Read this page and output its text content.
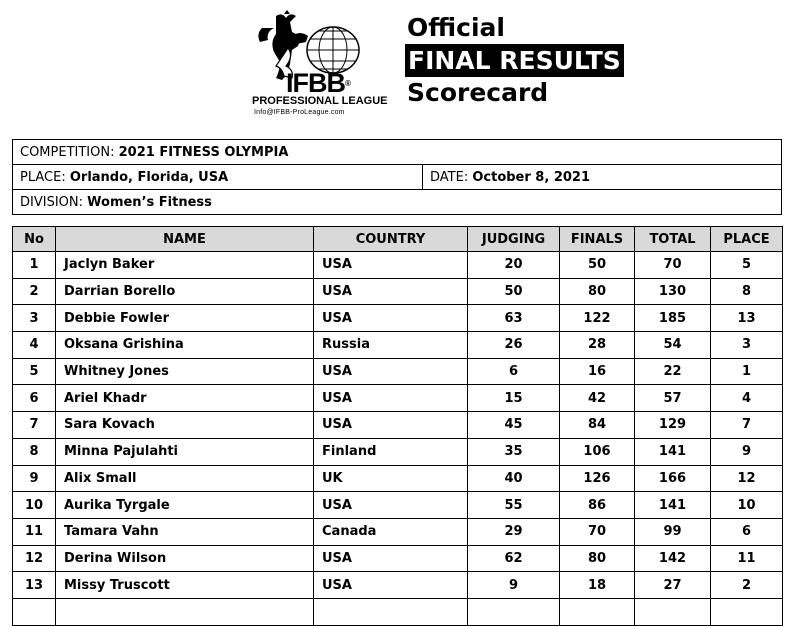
IFBB®
PROFESSIONAL LEAGUE
Info@IFBB-ProLeague.com
Official
FINAL RESULTS
Scorecard
COMPETITION: 2021 FITNESS OLYMPIA
PLACE: Orlando, Florida, USA	DATE: October 8, 2021
DIVISION: Women’s Fitness
No	NAME	COUNTRY	JUDGING	FINALS	TOTAL	PLACE
1	Jaclyn Baker	USA	20	50	70	5
2	Darrian Borello	USA	50	80	130	8
3	Debbie Fowler	USA	63	122	185	13
4	Oksana Grishina	Russia	26	28	54	3
5	Whitney Jones	USA	6	16	22	1
6	Ariel Khadr	USA	15	42	57	4
7	Sara Kovach	USA	45	84	129	7
8	Minna Pajulahti	Finland	35	106	141	9
9	Alix Small	UK	40	126	166	12
10	Aurika Tyrgale	USA	55	86	141	10
11	Tamara Vahn	Canada	29	70	99	6
12	Derina Wilson	USA	62	80	142	11
13	Missy Truscott	USA	9	18	27	2
